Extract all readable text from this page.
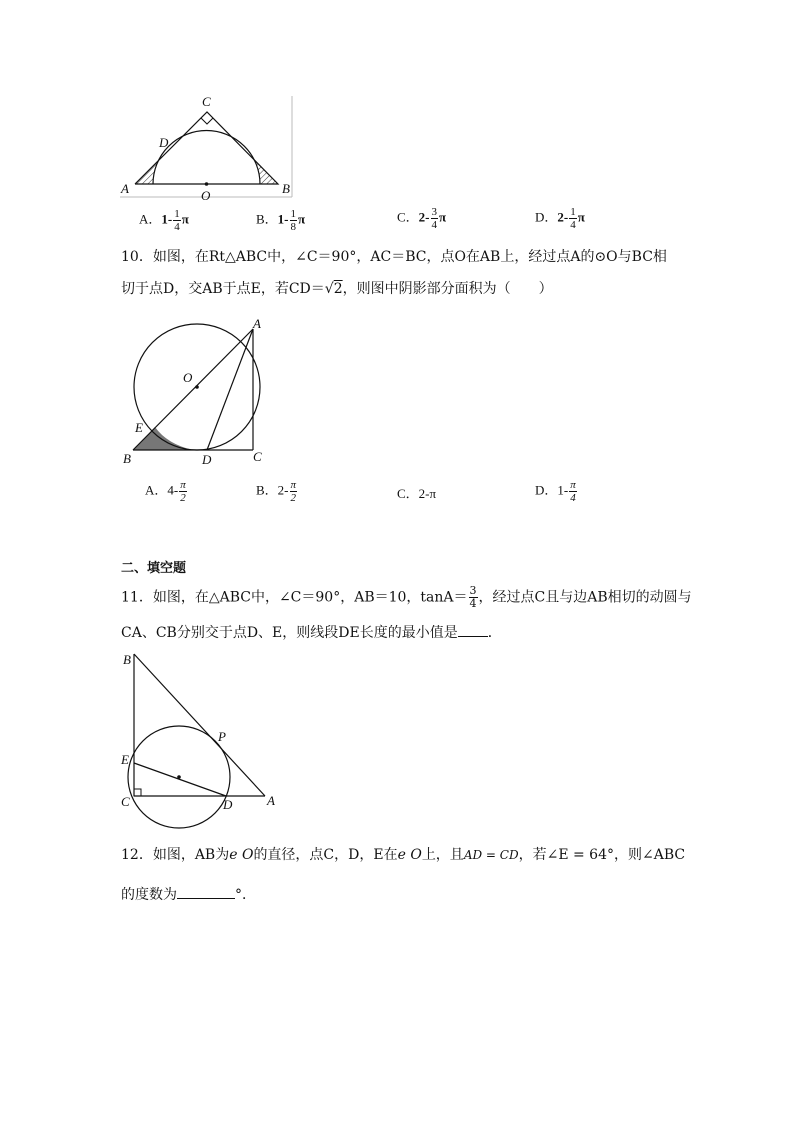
C
D
A	B
O
A．$1- \frac{1}{4}$ π	B．$1- \frac{1}{8}$ π	C．$2- \frac{3}{4}$ π	D．$2- \frac{1}{4}$ π
10．如图，在Rt△ABC中，∠C＝90°，AC＝BC，点O在AB上，经过点A的⊙O与BC相
切于点D，交AB于点E，若CD＝√2，则图中阴影部分面积为（　　）
A
O
E
B	D	C
A．$4- \frac{\pi}{2}$	B．$2- \frac{\pi}{2}$	C．2-π	D．$1- \frac{\pi}{4}$
二、填空题
11．如图，在△ABC中，∠C＝90°，AB＝10，$\tan A= \frac{3}{4}$ ，经过点C且与边AB相切的动圆与
CA、CB分别交于点D、E，则线段DE长度的最小值是 ．
B
P
E
C	D	A
12．如图，AB为e O的直径，点C，D，E在e O上，且AD = CD，若∠E = 64°，则∠ABC
的度数为	°．
